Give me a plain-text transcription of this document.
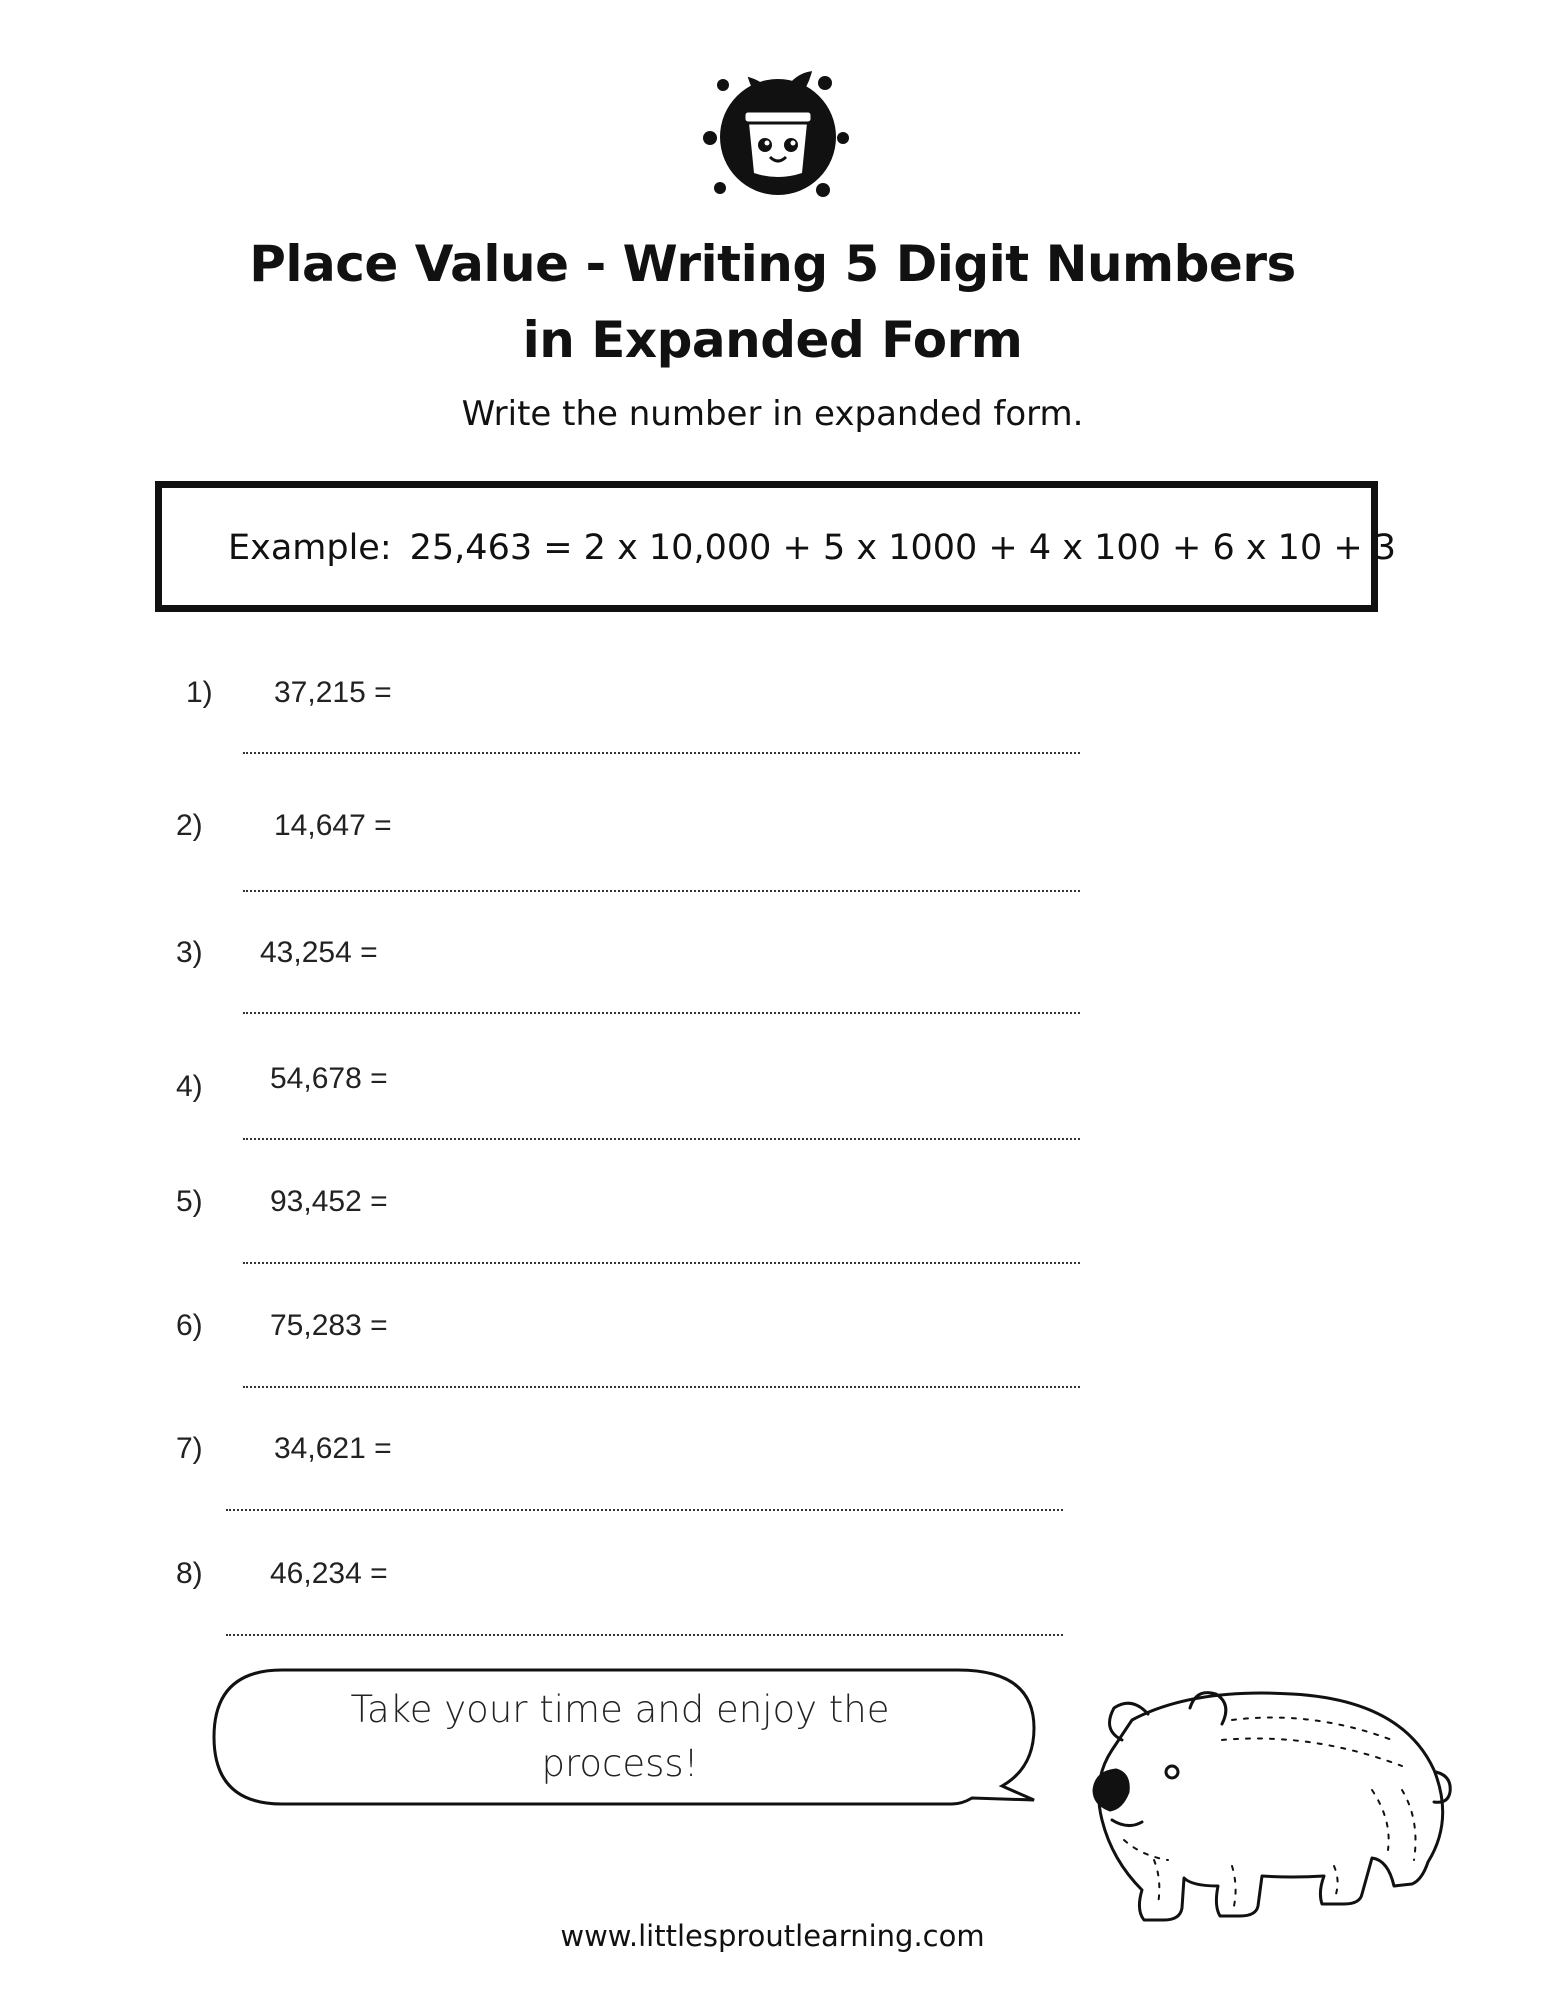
Place Value - Writing 5 Digit Numbers
in Expanded Form
Write the number in expanded form.
Example: 25,463 = 2 x 10,000 + 5 x 1000 + 4 x 100 + 6 x 10 + 3
1) 37,215 =
2) 14,647 =
3) 43,254 =
4) 54,678 =
5) 93,452 =
6) 75,283 =
7) 34,621 =
8) 46,234 =
Take your time and enjoy the
process!
www.littlesproutlearning.com
